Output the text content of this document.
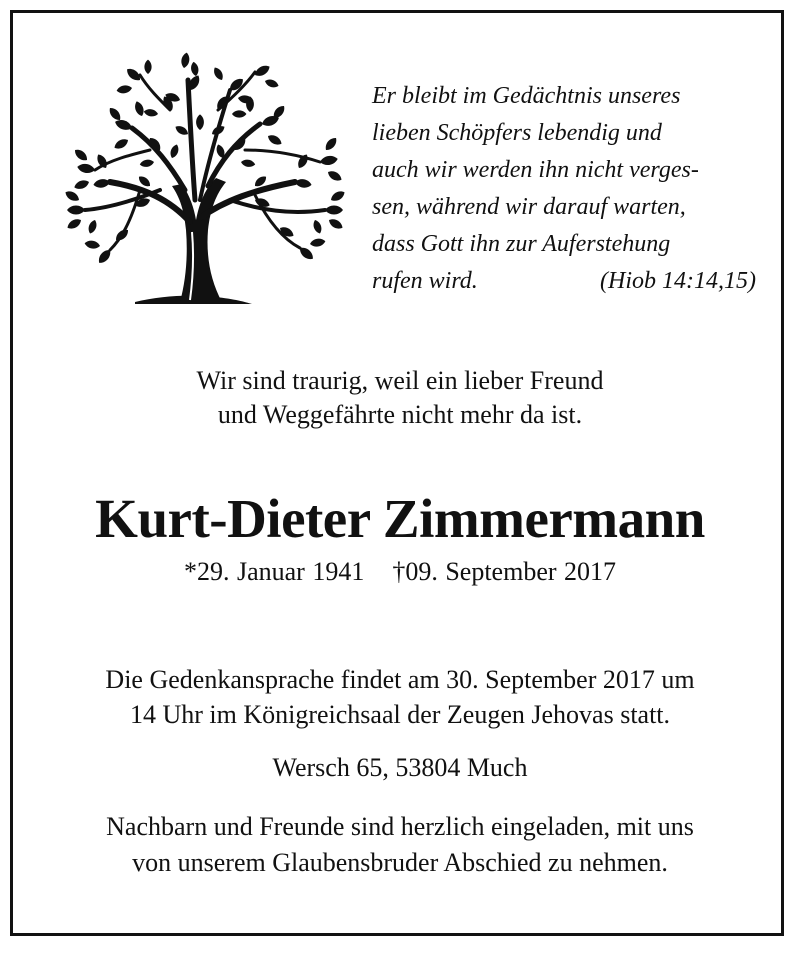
Er bleibt im Gedächtnis unseres
lieben Schöpfers lebendig und
auch wir werden ihn nicht verges-
sen, während wir darauf warten,
dass Gott ihn zur Auferstehung
rufen wird.	(Hiob 14:14,15)
Wir sind traurig, weil ein lieber Freund
und Weggefährte nicht mehr da ist.
Kurt-Dieter Zimmermann
*29. Januar 1941 †09. September 2017
Die Gedenkansprache findet am 30. September 2017 um
14 Uhr im Königreichsaal der Zeugen Jehovas statt.
Wersch 65, 53804 Much
Nachbarn und Freunde sind herzlich eingeladen, mit uns
von unserem Glaubensbruder Abschied zu nehmen.
